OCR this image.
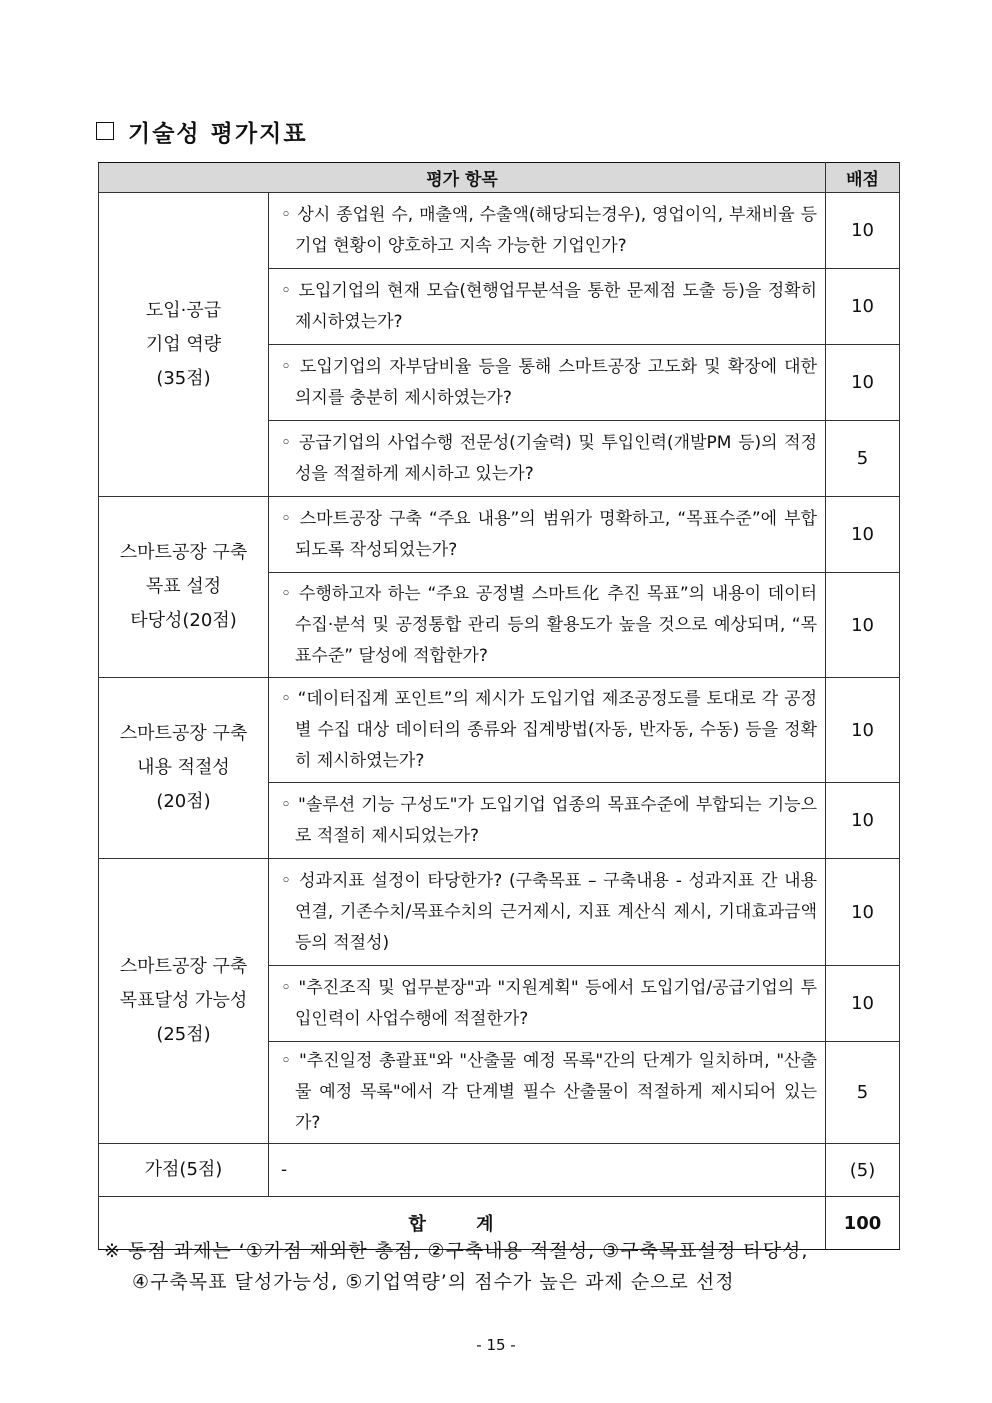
기술성 평가지표
평가 항목		배점

도입·공급
기업 역량
(35점)	◦ 상시 종업원 수, 매출액, 수출액(해당되는경우), 영업이익, 부채비율 등 기업 현황이 양호하고 지속 가능한 기업인가?	10

	◦ 도입기업의 현재 모습(현행업무분석을 통한 문제점 도출 등)을 정확히 제시하였는가?	10

	◦ 도입기업의 자부담비율 등을 통해 스마트공장 고도화 및 확장에 대한 의지를 충분히 제시하였는가?	10

	◦ 공급기업의 사업수행 전문성(기술력) 및 투입인력(개발PM 등)의 적정성을 적절하게 제시하고 있는가?	5

스마트공장 구축
목표 설정
타당성(20점)	◦ 스마트공장 구축 “주요 내용”의 범위가 명확하고, “목표수준”에 부합되도록 작성되었는가?	10

	◦ 수행하고자 하는 “주요 공정별 스마트化 추진 목표”의 내용이 데이터 수집·분석 및 공정통합 관리 등의 활용도가 높을 것으로 예상되며, “목표수준” 달성에 적합한가?	10

스마트공장 구축
내용 적절성
(20점)	◦ “데이터집계 포인트”의 제시가 도입기업 제조공정도를 토대로 각 공정별 수집 대상 데이터의 종류와 집계방법(자동, 반자동, 수동) 등을 정확히 제시하였는가?	10

	◦ "솔루션 기능 구성도"가 도입기업 업종의 목표수준에 부합되는 기능으로 적절히 제시되었는가?	10

스마트공장 구축
목표달성 가능성
(25점)	◦ 성과지표 설정이 타당한가? (구축목표 – 구축내용 - 성과지표 간 내용 연결, 기존수치/목표수치의 근거제시, 지표 계산식 제시, 기대효과금액 등의 적절성)	10

	◦ "추진조직 및 업무분장"과 "지원계획" 등에서 도입기업/공급기업의 투입인력이 사업수행에 적절한가?	10

	◦ "추진일정 총괄표"와 "산출물 예정 목록"간의 단계가 일치하며, "산출물 예정 목록"에서 각 단계별 필수 산출물이 적절하게 제시되어 있는가?	5
가점(5점)	-	(5)
합 계		100
※ 동점 과제는 ‘①가점 제외한 총점, ②구축내용 적절성, ③구축목표설정 타당성,
④구축목표 달성가능성, ⑤기업역량’의 점수가 높은 과제 순으로 선정
- 15 -
